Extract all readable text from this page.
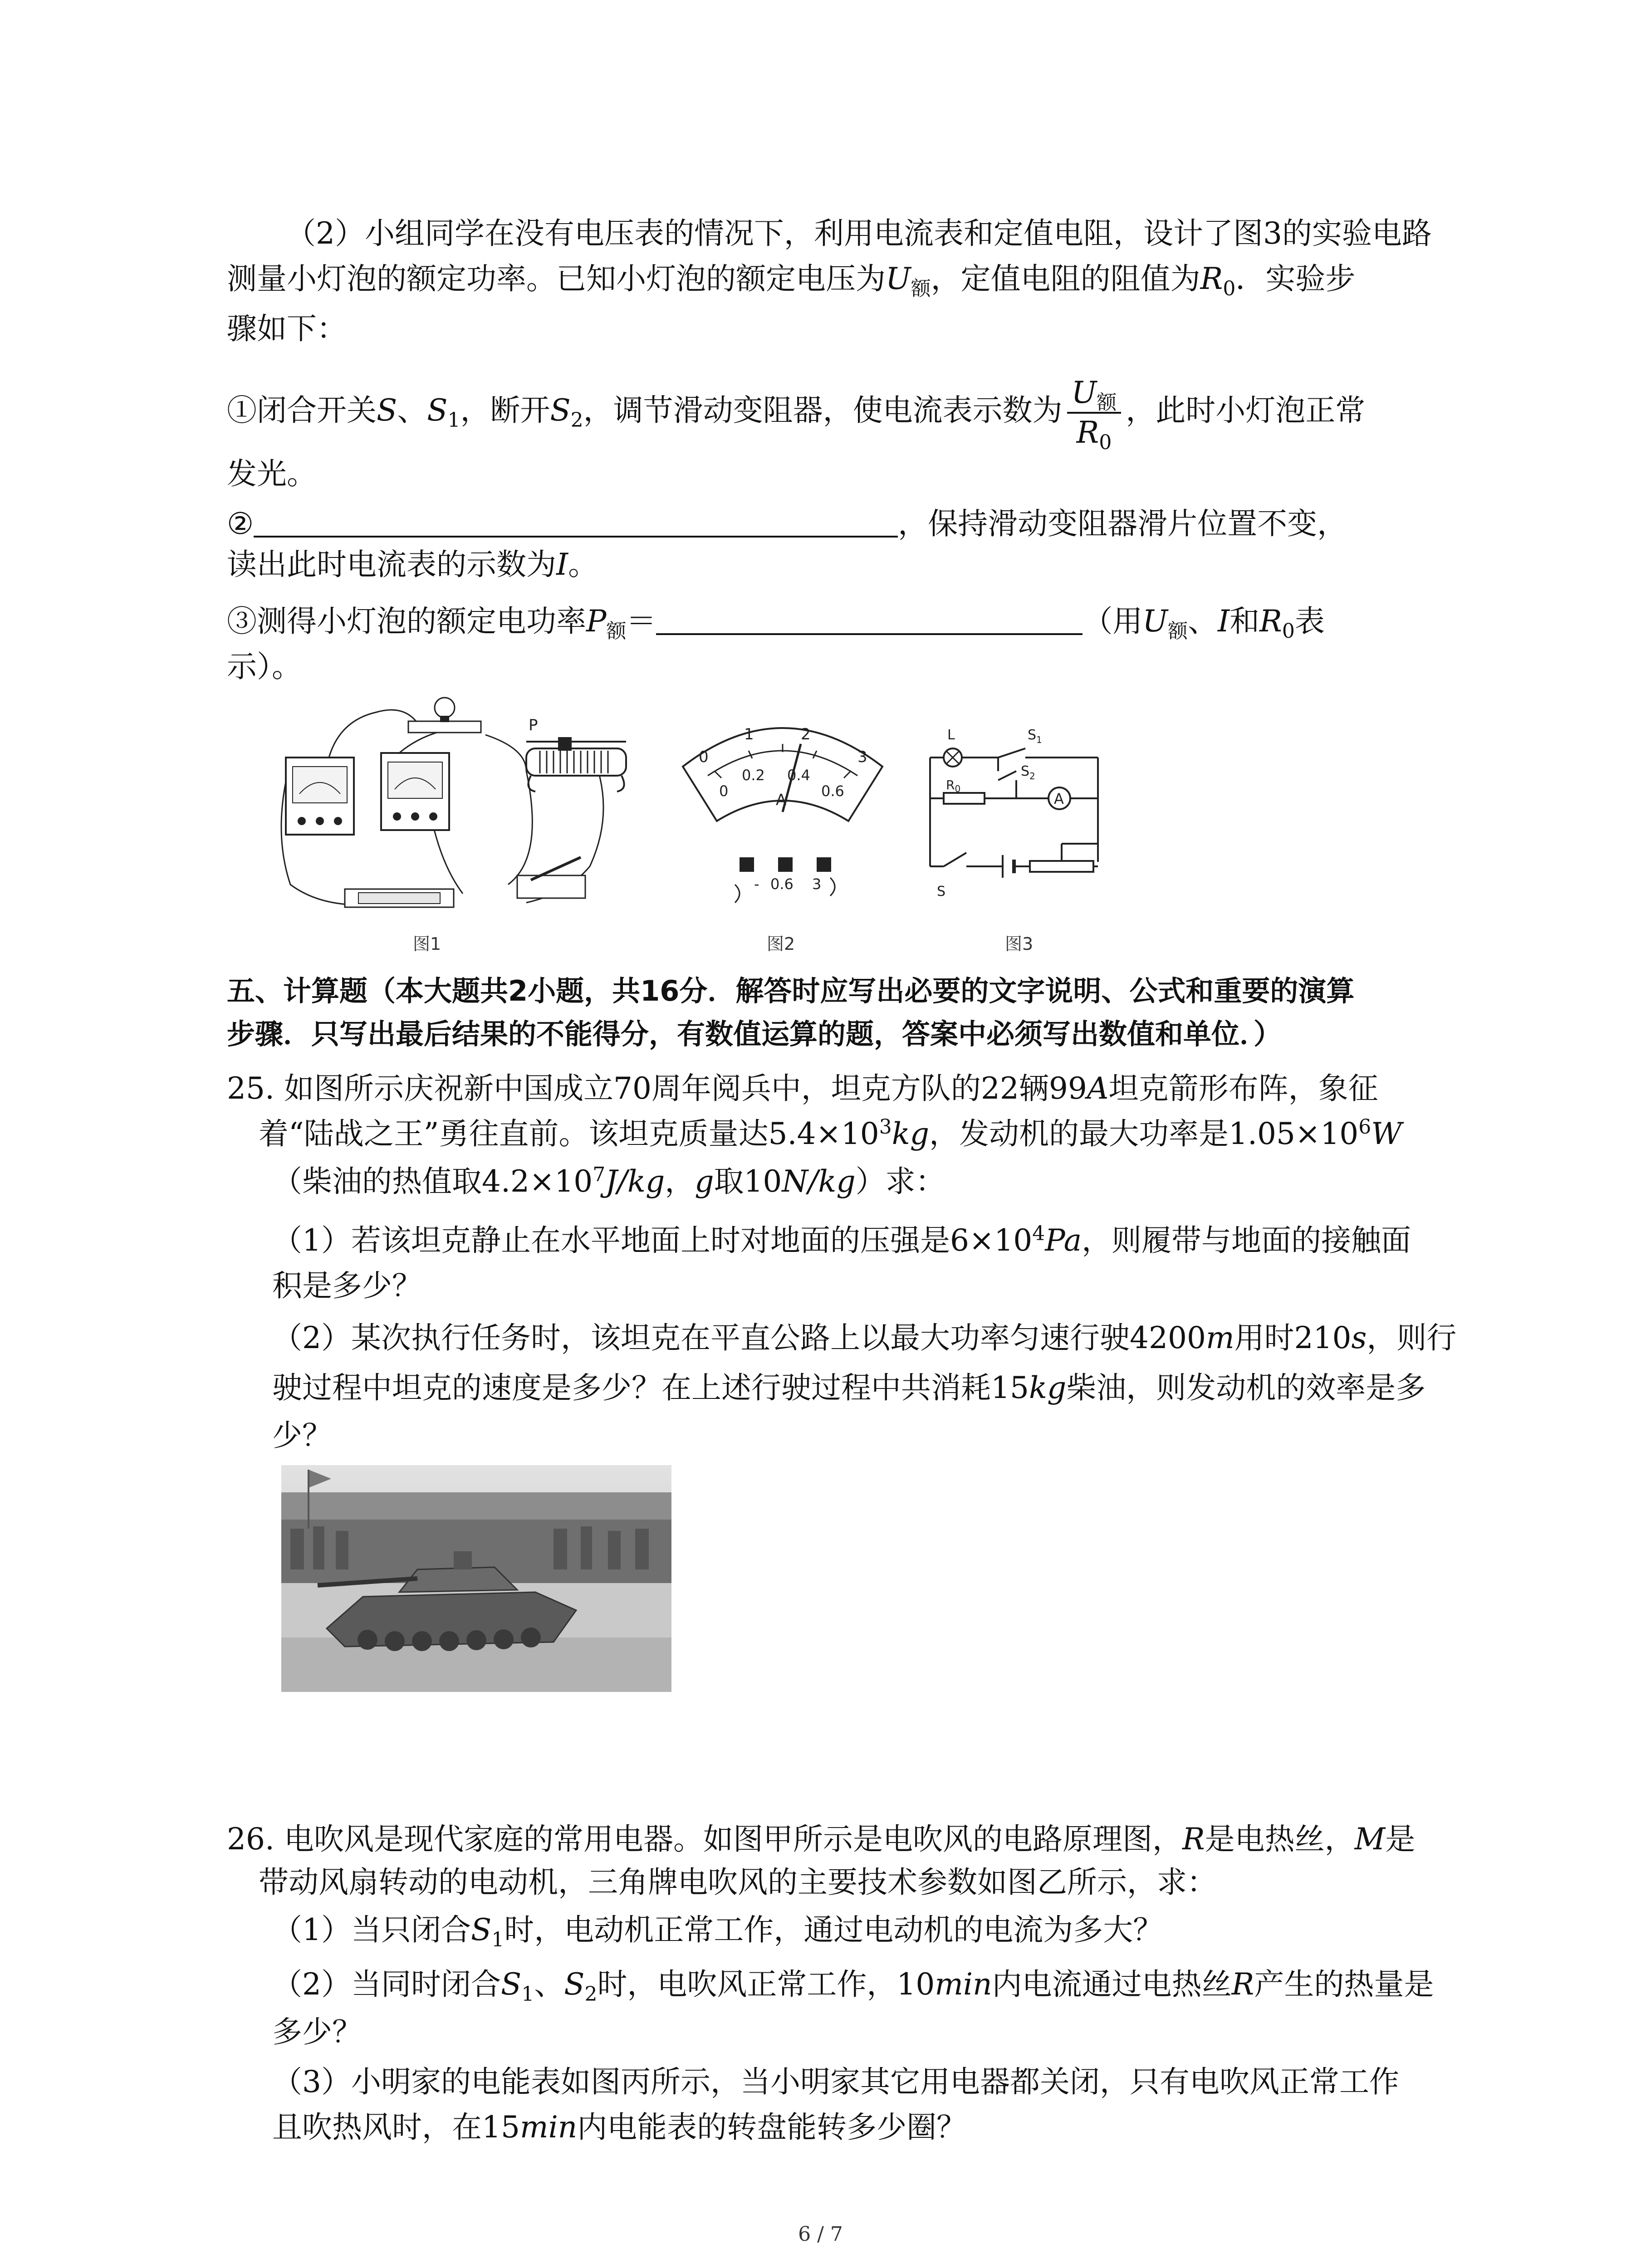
（2）小组同学在没有电压表的情况下，利用电流表和定值电阻，设计了图3的实验电路
测量小灯泡的额定功率。已知小灯泡的额定电压为$U_额$，定值电阻的阻值为$R_0$．实验步
骤如下：
①闭合开关S、$S_1$，断开$S_2$，调节滑动变阻器，使电流表示数为 $\frac{U_额}{R_0}$ ，此时小灯泡正常
发光。
②	，保持滑动变阻器滑片位置不变，
读出此时电流表的示数为I。
③测得小灯泡的额定电功率$P_额=$	（用$U_额$、I和$R_0$表
示）。
P
图1
0
1	2
3
0
0.2 0.4
0.6
A
- 0.6 3
图2
A
L	$S_1$
$S_2$
$R_0$
S
图3
五、计算题（本大题共2小题，共16分．解答时应写出必要的文字说明、公式和重要的演算
步骤．只写出最后结果的不能得分，有数值运算的题，答案中必须写出数值和单位．）
25. 如图所示庆祝新中国成立70周年阅兵中，坦克方队的22辆99A坦克箭形布阵，象征
着“陆战之王”勇往直前。该坦克质量达$5.4\times 10^3kg$，发动机的最大功率是$1.05\times 10^6W$
（柴油的热值取$4.2\times 10^7J/kg$，g取10N/kg）求：
（1）若该坦克静止在水平地面上时对地面的压强是$6\times 10^4Pa$，则履带与地面的接触面
积是多少？
（2）某次执行任务时，该坦克在平直公路上以最大功率匀速行驶4200m用时210s，则行
驶过程中坦克的速度是多少？在上述行驶过程中共消耗15kg柴油，则发动机的效率是多
少？
26. 电吹风是现代家庭的常用电器。如图甲所示是电吹风的电路原理图，R是电热丝，M是
带动风扇转动的电动机，三角牌电吹风的主要技术参数如图乙所示，求：
（1）当只闭合$S_1$时，电动机正常工作，通过电动机的电流为多大？
（2）当同时闭合$S_1$、$S_2$时，电吹风正常工作，10min内电流通过电热丝R产生的热量是
多少？
（3）小明家的电能表如图丙所示，当小明家其它用电器都关闭，只有电吹风正常工作
且吹热风时，在15min内电能表的转盘能转多少圈？
6 / 7
